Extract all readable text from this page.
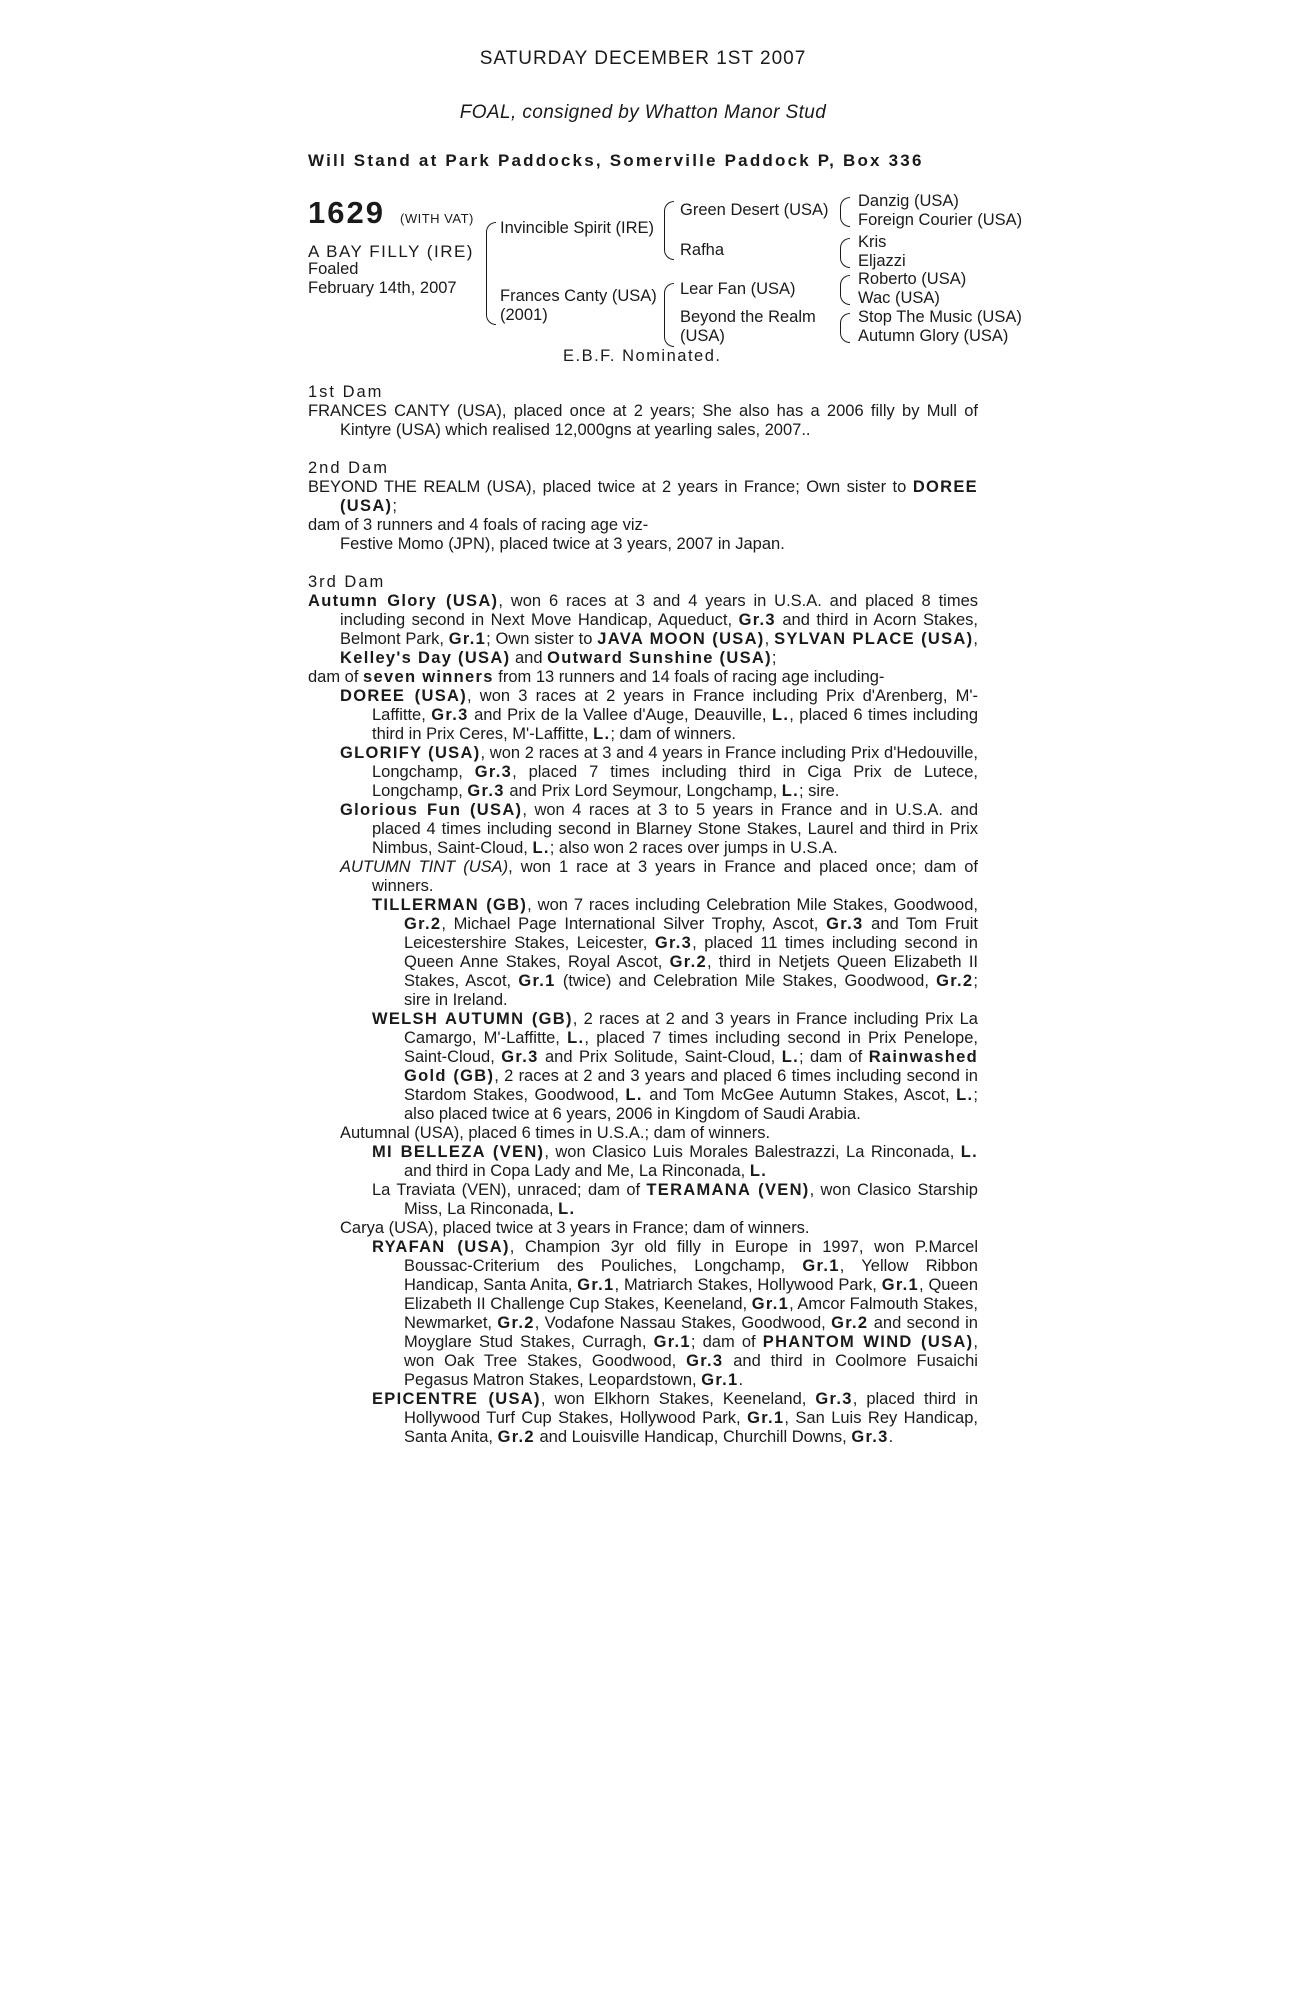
SATURDAY DECEMBER 1ST 2007
FOAL, consigned by Whatton Manor Stud
Will Stand at Park Paddocks, Somerville Paddock P, Box 336
1629 (WITH VAT)
A BAY FILLY (IRE)
Foaled
February 14th, 2007
Invincible Spirit (IRE)
Frances Canty (USA)
(2001)
Green Desert (USA)
Rafha
Lear Fan (USA)
Beyond the Realm
(USA)
Danzig (USA)
Foreign Courier (USA)
Kris
Eljazzi
Roberto (USA)
Wac (USA)
Stop The Music (USA)
Autumn Glory (USA)
E.B.F. Nominated.
1st Dam

FRANCES CANTY (USA), placed once at 2 years; She also has a 2006 filly by Mull of Kintyre (USA) which realised 12,000gns at yearling sales, 2007..

2nd Dam

BEYOND THE REALM (USA), placed twice at 2 years in France; Own sister to DOREE (USA);

dam of 3 runners and 4 foals of racing age viz-

Festive Momo (JPN), placed twice at 3 years, 2007 in Japan.

3rd Dam

Autumn Glory (USA), won 6 races at 3 and 4 years in U.S.A. and placed 8 times including second in Next Move Handicap, Aqueduct, Gr.3 and third in Acorn Stakes, Belmont Park, Gr.1; Own sister to JAVA MOON (USA), SYLVAN PLACE (USA), Kelley's Day (USA) and Outward Sunshine (USA);

dam of seven winners from 13 runners and 14 foals of racing age including-

DOREE (USA), won 3 races at 2 years in France including Prix d'Arenberg, M'-Laffitte, Gr.3 and Prix de la Vallee d'Auge, Deauville, L., placed 6 times including third in Prix Ceres, M'-Laffitte, L.; dam of winners.

GLORIFY (USA), won 2 races at 3 and 4 years in France including Prix d'Hedouville, Longchamp, Gr.3, placed 7 times including third in Ciga Prix de Lutece, Longchamp, Gr.3 and Prix Lord Seymour, Longchamp, L.; sire.

Glorious Fun (USA), won 4 races at 3 to 5 years in France and in U.S.A. and placed 4 times including second in Blarney Stone Stakes, Laurel and third in Prix Nimbus, Saint-Cloud, L.; also won 2 races over jumps in U.S.A.

AUTUMN TINT (USA), won 1 race at 3 years in France and placed once; dam of winners.

TILLERMAN (GB), won 7 races including Celebration Mile Stakes, Goodwood, Gr.2, Michael Page International Silver Trophy, Ascot, Gr.3 and Tom Fruit Leicestershire Stakes, Leicester, Gr.3, placed 11 times including second in Queen Anne Stakes, Royal Ascot, Gr.2, third in Netjets Queen Elizabeth II Stakes, Ascot, Gr.1 (twice) and Celebration Mile Stakes, Goodwood, Gr.2; sire in Ireland.

WELSH AUTUMN (GB), 2 races at 2 and 3 years in France including Prix La Camargo, M'-Laffitte, L., placed 7 times including second in Prix Penelope, Saint-Cloud, Gr.3 and Prix Solitude, Saint-Cloud, L.; dam of Rainwashed Gold (GB), 2 races at 2 and 3 years and placed 6 times including second in Stardom Stakes, Goodwood, L. and Tom McGee Autumn Stakes, Ascot, L.; also placed twice at 6 years, 2006 in Kingdom of Saudi Arabia.

Autumnal (USA), placed 6 times in U.S.A.; dam of winners.

MI BELLEZA (VEN), won Clasico Luis Morales Balestrazzi, La Rinconada, L. and third in Copa Lady and Me, La Rinconada, L.

La Traviata (VEN), unraced; dam of TERAMANA (VEN), won Clasico Starship Miss, La Rinconada, L.

Carya (USA), placed twice at 3 years in France; dam of winners.

RYAFAN (USA), Champion 3yr old filly in Europe in 1997, won P.Marcel Boussac-Criterium des Pouliches, Longchamp, Gr.1, Yellow Ribbon Handicap, Santa Anita, Gr.1, Matriarch Stakes, Hollywood Park, Gr.1, Queen Elizabeth II Challenge Cup Stakes, Keeneland, Gr.1, Amcor Falmouth Stakes, Newmarket, Gr.2, Vodafone Nassau Stakes, Goodwood, Gr.2 and second in Moyglare Stud Stakes, Curragh, Gr.1; dam of PHANTOM WIND (USA), won Oak Tree Stakes, Goodwood, Gr.3 and third in Coolmore Fusaichi Pegasus Matron Stakes, Leopardstown, Gr.1.

EPICENTRE (USA), won Elkhorn Stakes, Keeneland, Gr.3, placed third in Hollywood Turf Cup Stakes, Hollywood Park, Gr.1, San Luis Rey Handicap, Santa Anita, Gr.2 and Louisville Handicap, Churchill Downs, Gr.3.
